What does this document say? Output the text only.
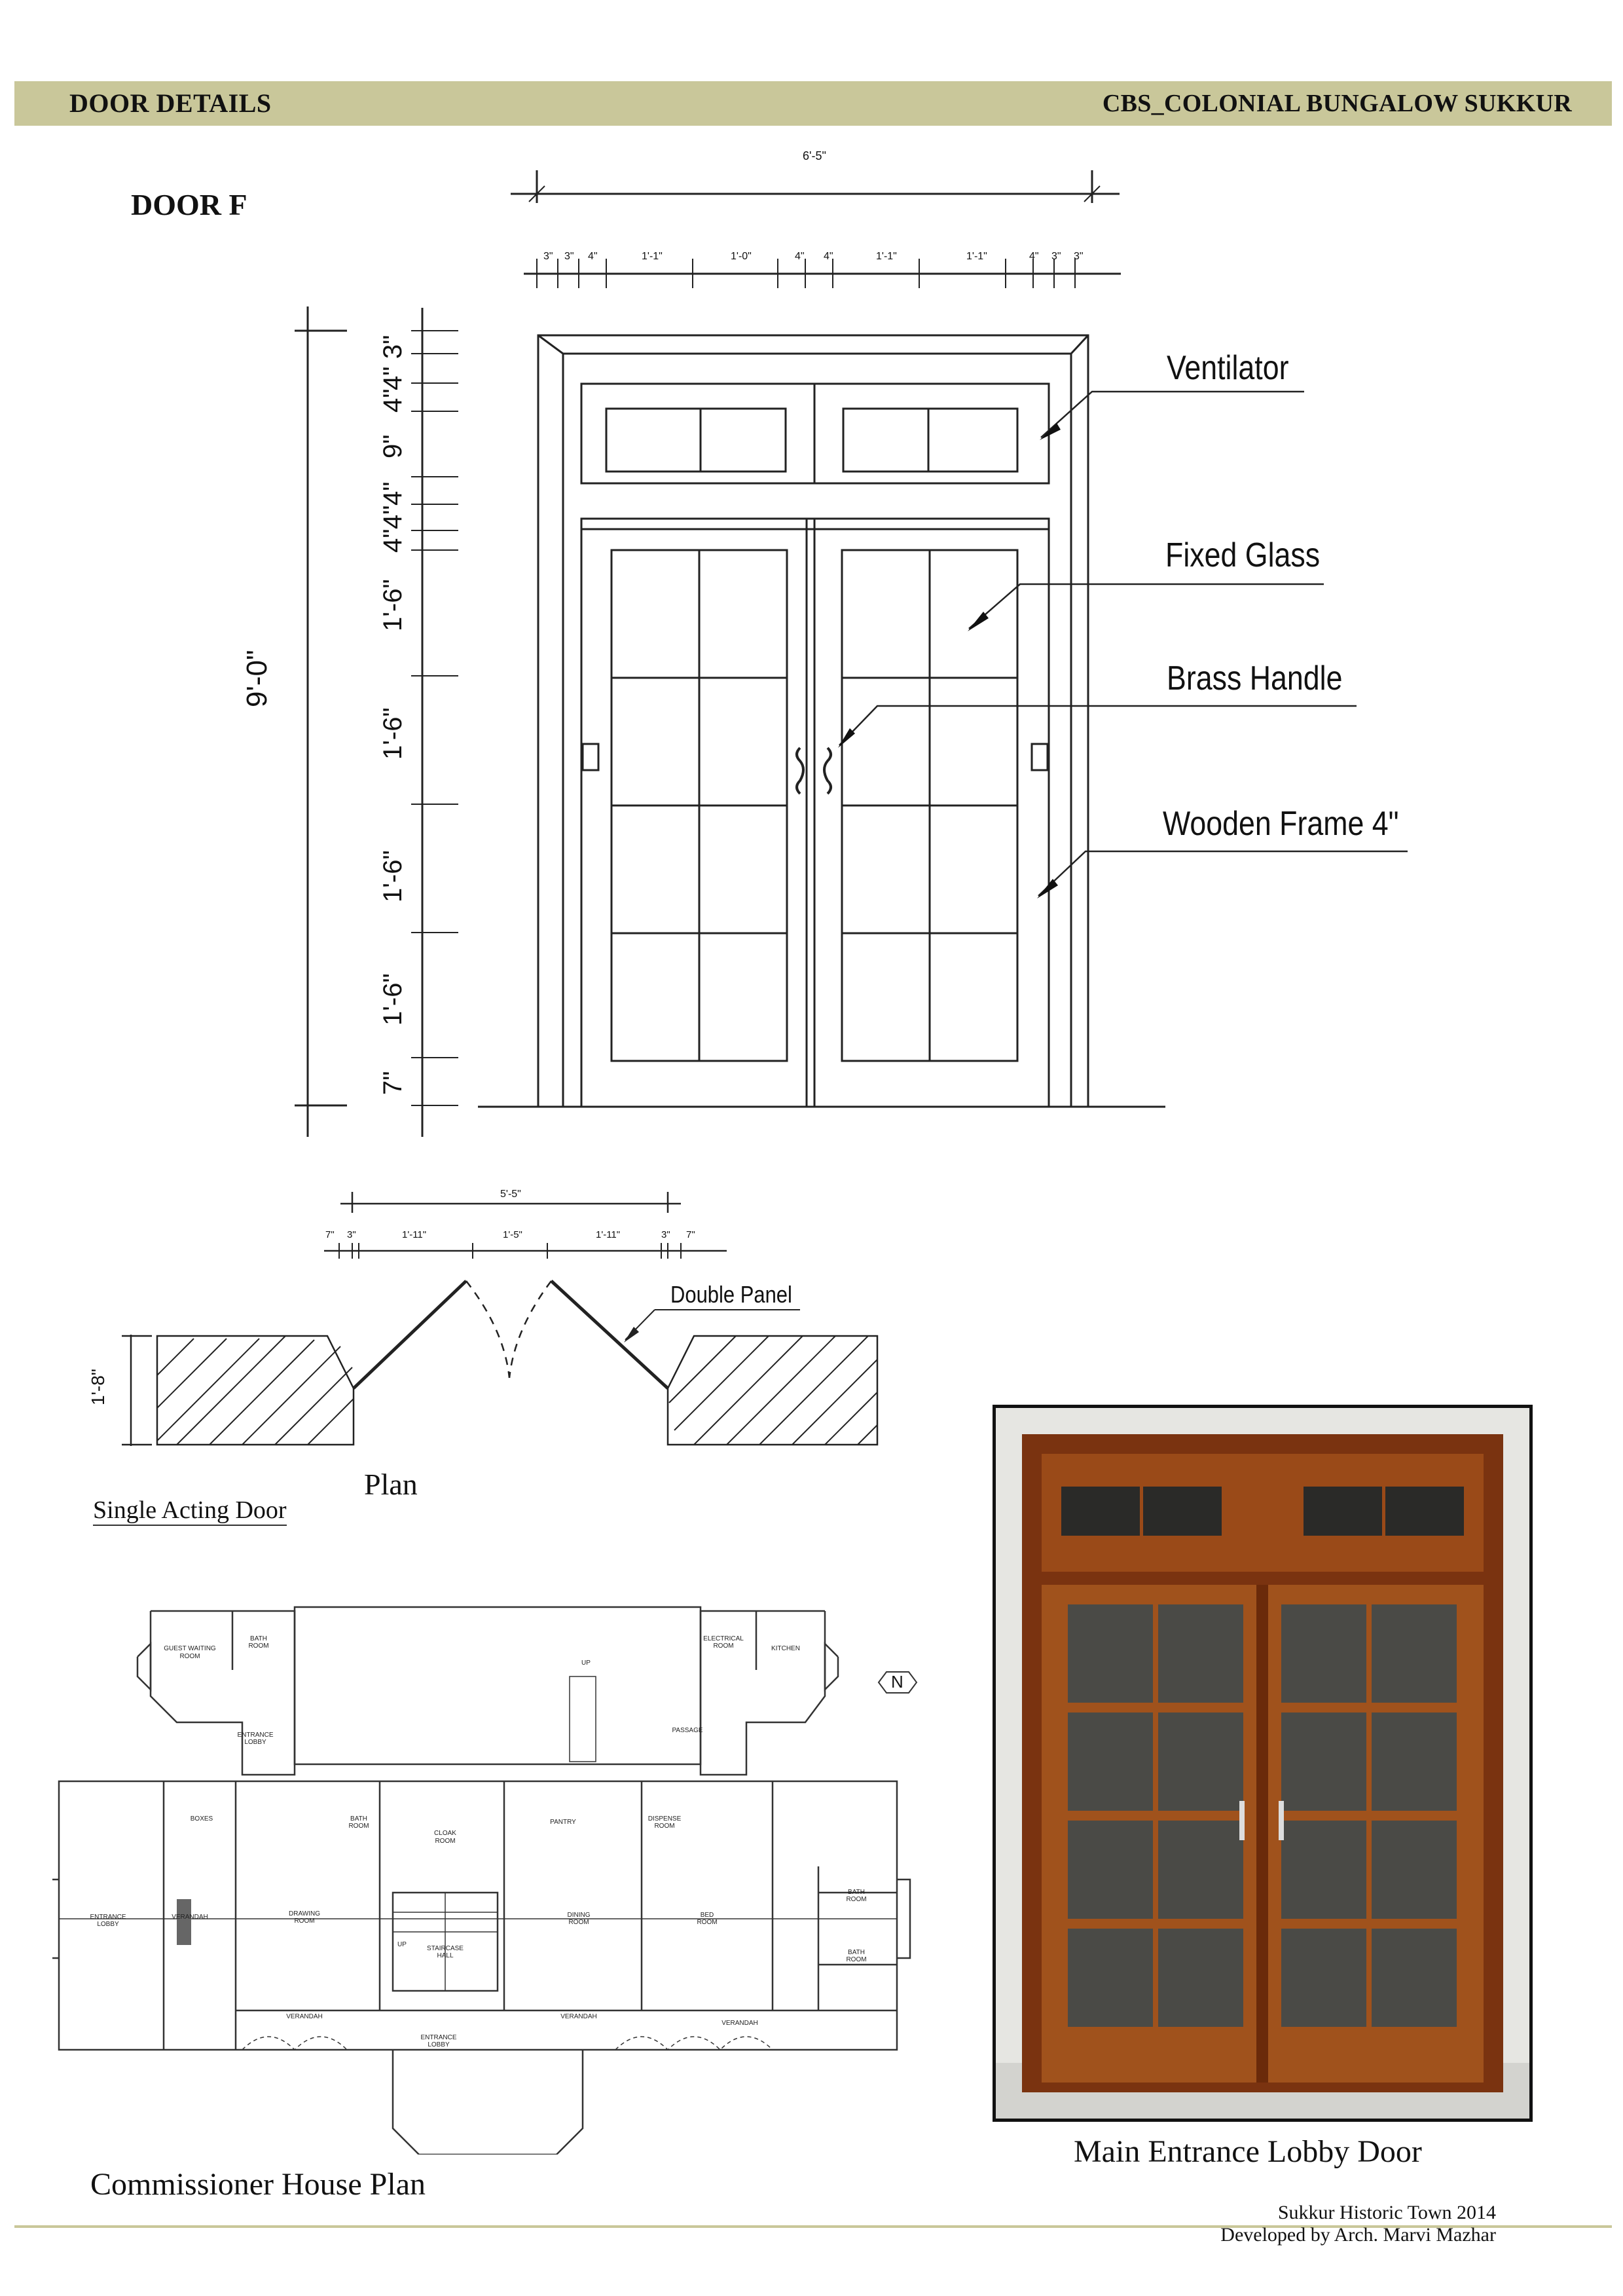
DOOR DETAILS	CBS_COLONIAL BUNGALOW SUKKUR
DOOR F
6'-5"
3" 3" 4"	1'-1"	1'-0"	4" 4"	1'-1"	1'-1"	4" 3" 3"
9'-0"
3"
4"
4"
9"
4"
4"
4"
1'-6"
1'-6"
1'-6"
1'-6"
7"
Ventilator
Fixed Glass
Brass Handle
Wooden Frame 4"
5'-5"
7" 3"	1'-11"	1'-5"	1'-11"	3" 7"
1'-8"
Double Panel
Plan
Single Acting Door
GUEST WAITING
ROOM
BATH
ROOM
ENTRANCE
LOBBY
ELECTRICAL
ROOM	KITCHEN
PASSAGE
UP
BOXES	BATH
ROOM
CLOAK
ROOM
PANTRY	DISPENSE
ROOM
ENTRANCE
LOBBY
VERANDAH	DRAWING
ROOM
STAIRCASE
HALL
DINING
ROOM
BED
ROOM
BATH
ROOM
BATH
ROOM
VERANDAH
ENTRANCE
LOBBY
VERANDAH
VERANDAH
UP
N
Commissioner House Plan
Main Entrance Lobby Door
Sukkur Historic Town 2014
Developed by Arch. Marvi Mazhar
